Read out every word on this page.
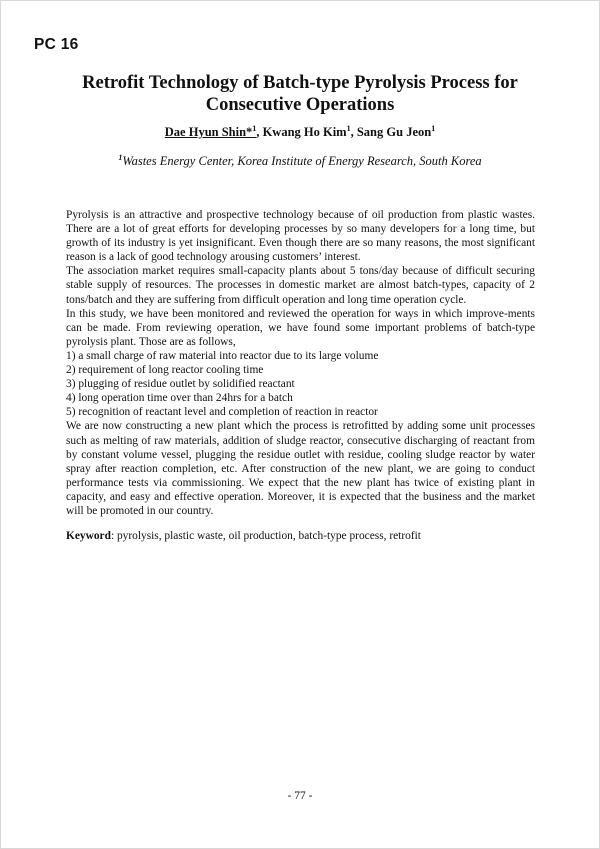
PC 16
Retrofit Technology of Batch-type Pyrolysis Process for
Consecutive Operations
Dae Hyun Shin*$^1$, Kwang Ho Kim$^1$, Sang Gu Jeon$^1$
$^1$Wastes Energy Center, Korea Institute of Energy Research, South Korea

Pyrolysis is an attractive and prospective technology because of oil production from plastic wastes. There are a lot of great efforts for developing processes by so many developers for a long time, but growth of its industry is yet insignificant. Even though there are so many reasons, the most significant reason is a lack of good technology arousing customers’ interest.

The association market requires small-capacity plants about 5 tons/day because of difficult securing stable supply of resources. The processes in domestic market are almost batch-types, capacity of 2 tons/batch and they are suffering from difficult operation and long time operation cycle.

In this study, we have been monitored and reviewed the operation for ways in which improve-ments can be made. From reviewing operation, we have found some important problems of batch-type pyrolysis plant. Those are as follows,

1) a small charge of raw material into reactor due to its large volume

2) requirement of long reactor cooling time

3) plugging of residue outlet by solidified reactant

4) long operation time over than 24hrs for a batch

5) recognition of reactant level and completion of reaction in reactor

We are now constructing a new plant which the process is retrofitted by adding some unit processes such as melting of raw materials, addition of sludge reactor, consecutive discharging of reactant from by constant volume vessel, plugging the residue outlet with residue, cooling sludge reactor by water spray after reaction completion, etc. After construction of the new plant, we are going to conduct performance tests via commissioning. We expect that the new plant has twice of existing plant in capacity, and easy and effective operation. Moreover, it is expected that the business and the market will be promoted in our country.

Keyword: pyrolysis, plastic waste, oil production, batch-type process, retrofit
- 77 -
